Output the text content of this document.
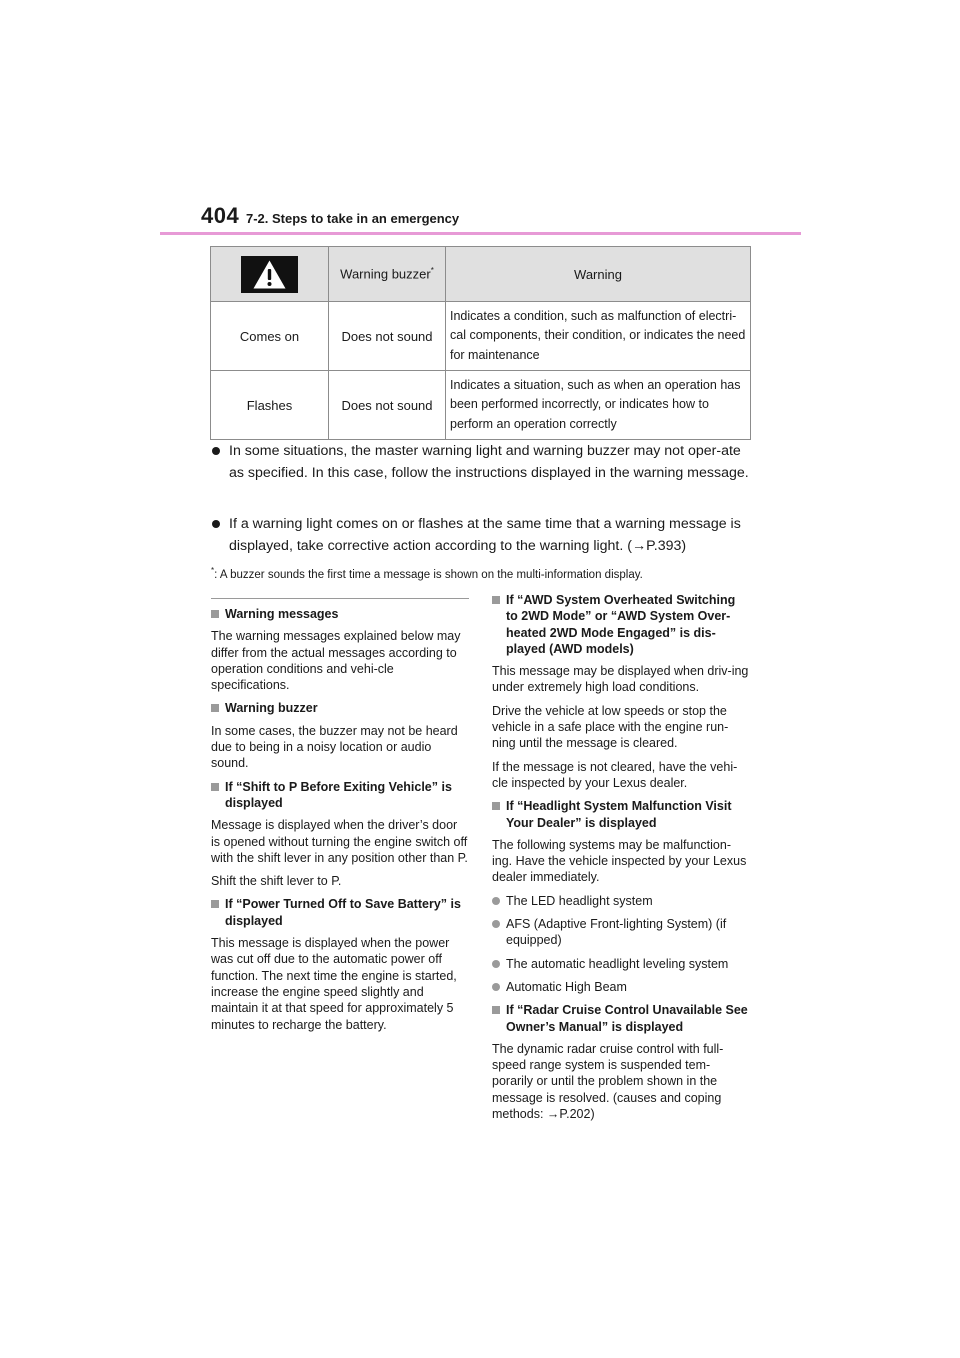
404 7-2. Steps to take in an emergency
	Warning buzzer*	Warning
Comes on	Does not sound	Indicates a condition, such as malfunction of electri-cal components, their condition, or indicates the need for maintenance
Flashes	Does not sound	Indicates a situation, such as when an operation has been performed incorrectly, or indicates how to perform an operation correctly
In some situations, the master warning light and warning buzzer may not oper-ate as specified. In this case, follow the instructions displayed in the warning message.
If a warning light comes on or flashes at the same time that a warning message is displayed, take corrective action according to the warning light. (→P.393)
*: A buzzer sounds the first time a message is shown on the multi-information display.
Warning messages

The warning messages explained below may differ from the actual messages according to operation conditions and vehi-cle specifications.

Warning buzzer

In some cases, the buzzer may not be heard due to being in a noisy location or audio sound.

If “Shift to P Before Exiting Vehicle” is displayed

Message is displayed when the driver’s door is opened without turning the engine switch off with the shift lever in any position other than P.

Shift the shift lever to P.

If “Power Turned Off to Save Battery” is displayed

This message is displayed when the power was cut off due to the automatic power off function. The next time the engine is started, increase the engine speed slightly and maintain it at that speed for approximately 5 minutes to recharge the battery.

If “AWD System Overheated Switching to 2WD Mode” or “AWD System Over-heated 2WD Mode Engaged” is dis-played (AWD models)

This message may be displayed when driv-ing under extremely high load conditions.

Drive the vehicle at low speeds or stop the vehicle in a safe place with the engine run-ning until the message is cleared.

If the message is not cleared, have the vehi-cle inspected by your Lexus dealer.

If “Headlight System Malfunction Visit Your Dealer” is displayed

The following systems may be malfunction-ing. Have the vehicle inspected by your Lexus dealer immediately.

The LED headlight system
AFS (Adaptive Front-lighting System) (if equipped)
The automatic headlight leveling system
Automatic High Beam
If “Radar Cruise Control Unavailable See Owner’s Manual” is displayed

The dynamic radar cruise control with full-speed range system is suspended tem-porarily or until the problem shown in the message is resolved. (causes and coping methods: →P.202)
